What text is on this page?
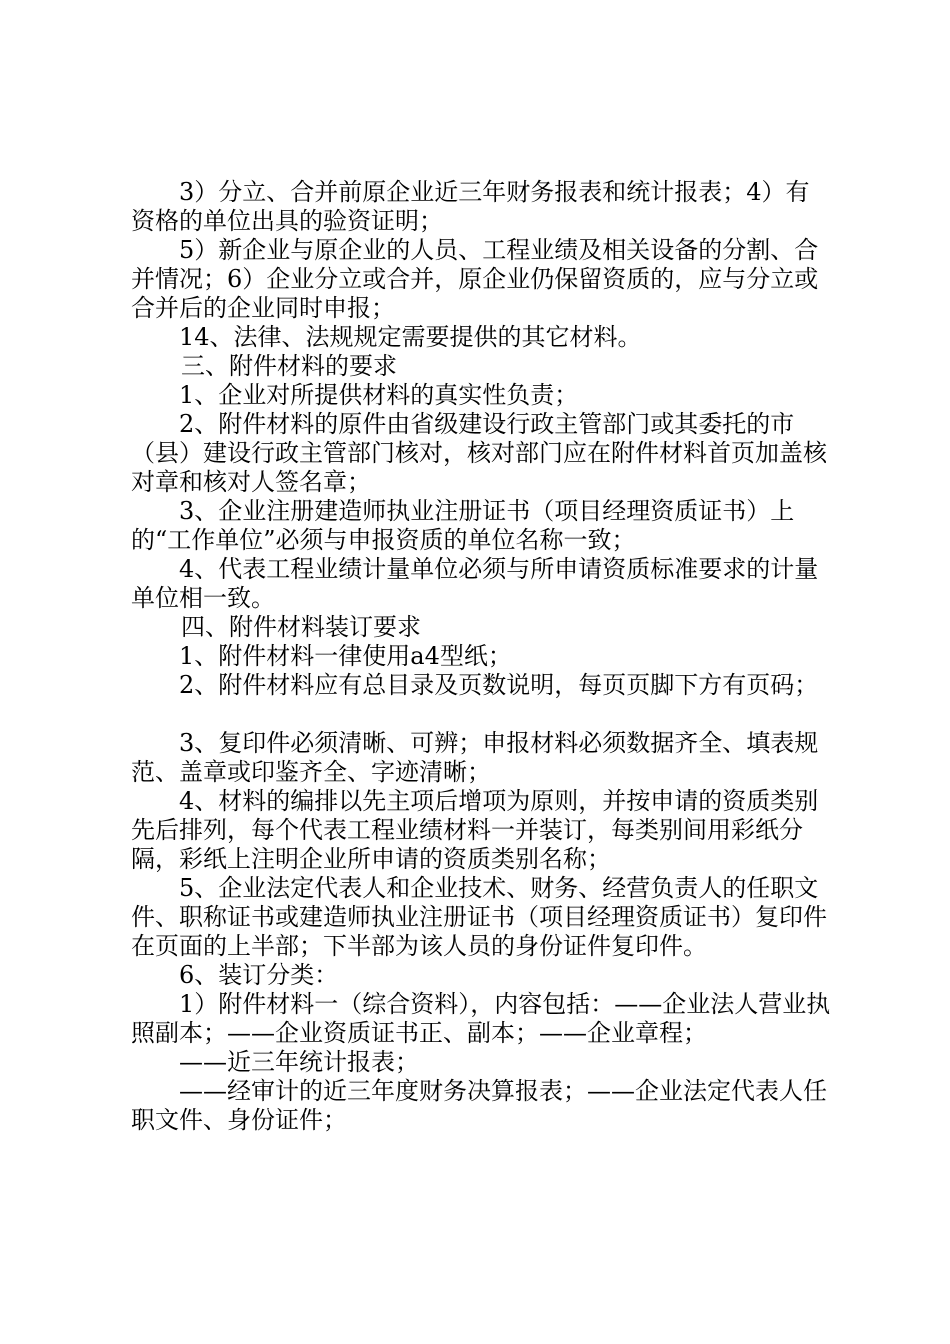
3）分立、合并前原企业近三年财务报表和统计报表；4）有资格的单位出具的验资证明；

5）新企业与原企业的人员、工程业绩及相关设备的分割、合并情况；6）企业分立或合并，原企业仍保留资质的，应与分立或合并后的企业同时申报；

14、法律、法规规定需要提供的其它材料。

三、附件材料的要求

1、企业对所提供材料的真实性负责；

2、附件材料的原件由省级建设行政主管部门或其委托的市（县）建设行政主管部门核对，核对部门应在附件材料首页加盖核对章和核对人签名章；

3、企业注册建造师执业注册证书（项目经理资质证书）上的“工作单位”必须与申报资质的单位名称一致；

4、代表工程业绩计量单位必须与所申请资质标准要求的计量单位相一致。

四、附件材料装订要求

1、附件材料一律使用a4型纸；

2、附件材料应有总目录及页数说明，每页页脚下方有页码；

3、复印件必须清晰、可辨；申报材料必须数据齐全、填表规范、盖章或印鉴齐全、字迹清晰；

4、材料的编排以先主项后增项为原则，并按申请的资质类别先后排列，每个代表工程业绩材料一并装订，每类别间用彩纸分隔，彩纸上注明企业所申请的资质类别名称；

5、企业法定代表人和企业技术、财务、经营负责人的任职文件、职称证书或建造师执业注册证书（项目经理资质证书）复印件在页面的上半部；下半部为该人员的身份证件复印件。

6、装订分类：

1）附件材料一（综合资料），内容包括：——企业法人营业执照副本；——企业资质证书正、副本；——企业章程；

——近三年统计报表；

——经审计的近三年度财务决算报表；——企业法定代表人任职文件、身份证件；
